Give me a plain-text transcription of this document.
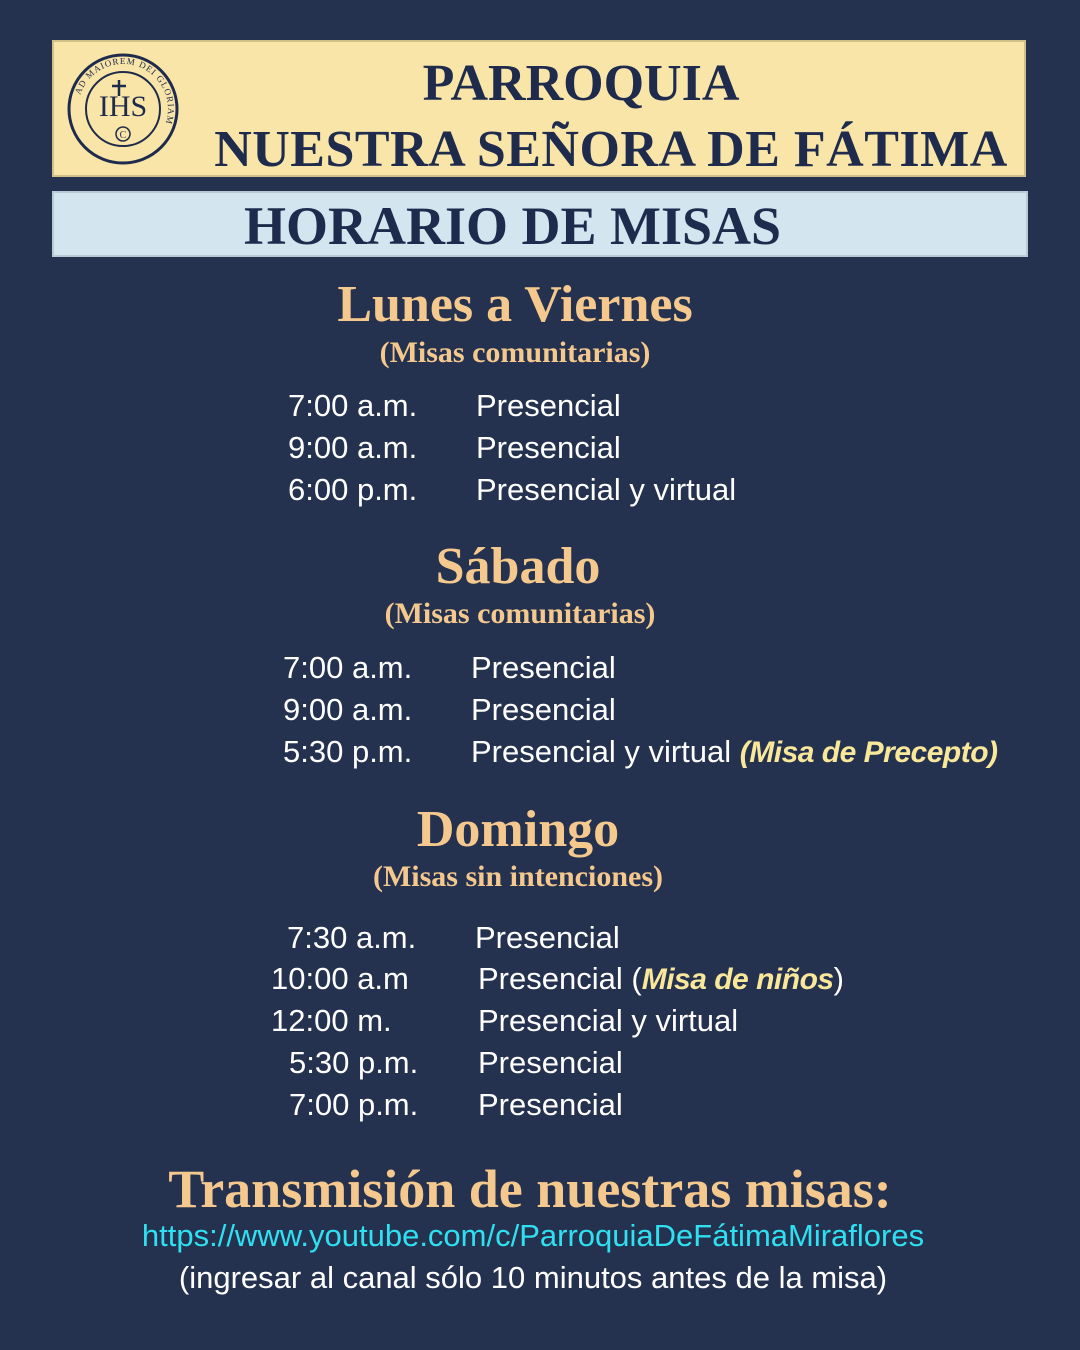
AD MAIOREM DEI GLORIAM
IHS
C
PARROQUIA
NUESTRA SEÑORA DE FÁTIMA
HORARIO DE MISAS
Lunes a Viernes
(Misas comunitarias)
7:00 a.m. Presencial
9:00 a.m. Presencial
6:00 p.m. Presencial y virtual
Sábado
(Misas comunitarias)
7:00 a.m. Presencial
9:00 a.m. Presencial
5:30 p.m. Presencial y virtual (Misa de Precepto)
Domingo
(Misas sin intenciones)
7:30 a.m. Presencial
10:00 a.m Presencial (Misa de niños)
12:00 m.	Presencial y virtual
5:30 p.m. Presencial
7:00 p.m. Presencial
Transmisión de nuestras misas:
https://www.youtube.com/c/ParroquiaDeFátimaMiraflores
(ingresar al canal sólo 10 minutos antes de la misa)
